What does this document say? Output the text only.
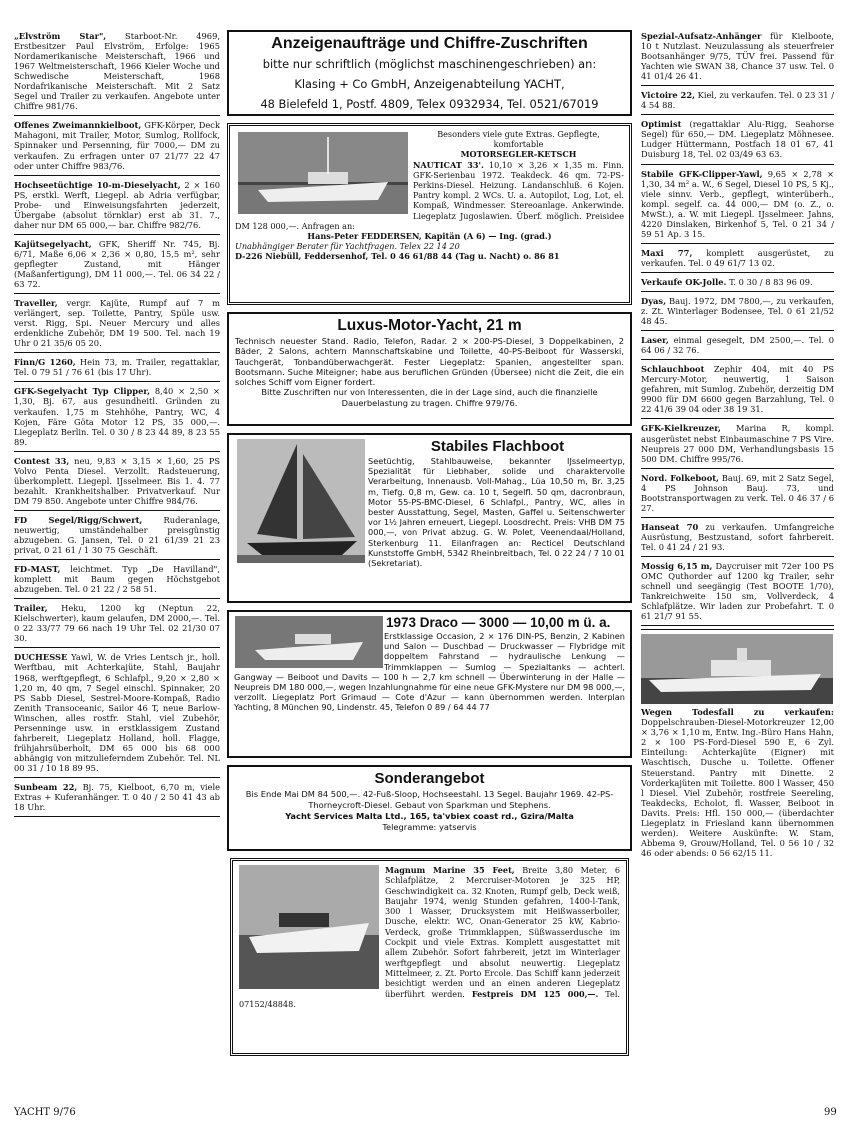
„Elvström Star", Starboot-Nr. 4969, Erstbesitzer Paul Elvström, Erfolge: 1965 Nordamerikanische Meisterschaft, 1966 und 1967 Weltmeisterschaft, 1966 Kieler Woche und Schwedische Meisterschaft, 1968 Nordafrikanische Meisterschaft. Mit 2 Satz Segel und Trailer zu verkaufen. Angebote unter Chiffre 981/76.
Offenes Zweimannkielboot, GFK-Körper, Deck Mahagoni, mit Trailer, Motor, Sumlog, Rollfock, Spinnaker und Persenning, für 7000,— DM zu verkaufen. Zu erfragen unter 07 21/77 22 47 oder unter Chiffre 983/76.
Hochseetüchtige 10-m-Dieselyacht, 2 × 160 PS, erstkl. Werft, Liegepl. ab Adria verfügbar, Probe- und Einweisungsfahrten jederzeit, Übergabe (absolut törnklar) erst ab 31. 7., daher nur DM 65 000,— bar. Chiffre 982/76.
Kajütsegelyacht, GFK, Sheriff Nr. 745, Bj. 6/71, Maße 6,06 × 2,36 × 0,80, 15,5 m², sehr gepflegter Zustand, mit Hänger (Maßanfertigung), DM 11 000,—. Tel. 06 34 22 / 63 72.
Traveller, vergr. Kajüte, Rumpf auf 7 m verlängert, sep. Toilette, Pantry, Spüle usw. verst. Rigg, Spi. Neuer Mercury und alles erdenkliche Zubehör, DM 19 500. Tel. nach 19 Uhr 0 21 35/6 05 20.
Finn/G 1260, Hein 73, m. Trailer, regattaklar, Tel. 0 79 51 / 76 61 (bis 17 Uhr).
GFK-Segelyacht Typ Clipper, 8,40 × 2,50 × 1,30, Bj. 67, aus gesundheitl. Gründen zu verkaufen. 1,75 m Stehhöhe, Pantry, WC, 4 Kojen, Färe Göta Motor 12 PS, 35 000,—. Liegeplatz Berlin. Tel. 0 30 / 8 23 44 89, 8 23 55 89.
Contest 33, neu, 9,83 × 3,15 × 1,60, 25 PS Volvo Penta Diesel. Verzollt. Radsteuerung, überkomplett. Liegepl. IJsselmeer. Bis 1. 4. 77 bezahlt. Krankheitshalber. Privatverkauf. Nur DM 79 850. Angebote unter Chiffre 984/76.
FD Segel/Rigg/Schwert,	Ruderanlage, neuwertig, umständehalber preisgünstig abzugeben. G. Jansen, Tel. 0 21 61/39 21 23 privat, 0 21 61 / 1 30 75 Geschäft.
FD-MAST, leichtmet. Typ „De Havilland", komplett mit Baum gegen Höchstgebot abzugeben. Tel. 0 21 22 / 2 58 51.
Trailer, Heku, 1200 kg (Neptun 22, Kielschwerter), kaum gelaufen, DM 2000,—. Tel. 0 22 33/77 79 66 nach 19 Uhr Tel. 02 21/30 07 30.
DUCHESSE Yawl, W. de Vries Lentsch jr., holl. Werftbau, mit Achterkajüte, Stahl, Baujahr 1968, werftgepflegt, 6 Schlafpl., 9,20 × 2,80 × 1,20 m, 40 qm, 7 Segel einschl. Spinnaker, 20 PS Sabb Diesel, Sestrel-Moore-Kompaß, Radio Zenith Transoceanic, Sailor 46 T, neue Barlow-Winschen, alles rostfr. Stahl, viel Zubehör, Persenninge usw. in erstklassigem Zustand fahrbereit, Liegeplatz Holland, holl. Flagge, frühjahrsüberholt, DM 65 000 bis 68 000 abhängig von mitzulieferndem Zubehör. Tel. NL 00 31 / 10 18 89 95.
Sunbeam 22, Bj. 75, Kielboot, 6,70 m, viele Extras + Kuferanhänger. T. 0 40 / 2 50 41 43 ab 18 Uhr.
Anzeigenaufträge und Chiffre-Zuschriften
bitte nur schriftlich (möglichst maschinengeschrieben) an:
Klasing + Co GmbH, Anzeigenabteilung YACHT,
48 Bielefeld 1, Postf. 4809, Telex 0932934, Tel. 0521/67019
Besonders viele gute Extras. Gepflegte, komfortable
MOTORSEGLER-KETSCH
NAUTICAT 33'. 10,10 × 3,26 × 1,35 m. Finn. GFK-Serienbau 1972. Teakdeck. 46 qm. 72-PS-Perkins-Diesel. Heizung. Landanschluß. 6 Kojen. Pantry kompl. 2 WCs. U. a. Autopilot, Log, Lot, el. Kompaß, Windmesser. Stereoanlage. Ankerwinde. Liegeplatz Jugoslawien. Überf. möglich. Preisidee DM 128 000,—. Anfragen an:
Hans-Peter FEDDERSEN, Kapitän (A 6) — Ing. (grad.)
Unabhängiger Berater für Yachtfragen. Telex 22 14 20
D-226 Niebüll, Feddersenhof, Tel. 0 46 61/88 44 (Tag u. Nacht) o. 86 81
Luxus-Motor-Yacht, 21 m
Technisch neuester Stand. Radio, Telefon, Radar. 2 × 200-PS-Diesel, 3 Doppelkabinen, 2 Bäder, 2 Salons, achtern Mannschaftskabine und Toilette, 40-PS-Beiboot für Wasserski, Tauchgerät, Tonbandüberwachgerät. Fester Liegeplatz: Spanien, angestellter span. Bootsmann. Suche Miteigner; habe aus beruflichen Gründen (Übersee) nicht die Zeit, die ein solches Schiff vom Eigner fordert.
Bitte Zuschriften nur von Interessenten, die in der Lage sind, auch die finanzielle Dauerbelastung zu tragen. Chiffre 979/76.
Stabiles Flachboot
Seetüchtig, Stahlbauweise, bekannter IJsselmeertyp, Spezialität für Liebhaber, solide und charaktervolle Verarbeitung, Innenausb. Voll-Mahag., Lüa 10,50 m, Br. 3,25 m, Tiefg. 0,8 m, Gew. ca. 10 t, Segelfl. 50 qm, dacronbraun, Motor 55-PS-BMC-Diesel, 6 Schlafpl., Pantry, WC, alles in bester Ausstattung, Segel, Masten, Gaffel u. Seitenschwerter vor 1½ Jahren erneuert, Liegepl. Loosdrecht. Preis: VHB DM 75 000,—, von Privat abzug. G. W. Polet, Veenendaal/Holland, Sterkenburg 11. Eilanfragen an: Recticel Deutschland Kunststoffe GmbH, 5342 Rheinbreitbach, Tel. 0 22 24 / 7 10 01 (Sekretariat).
1973 Draco — 3000 — 10,00 m ü. a.
Erstklassige Occasion, 2 × 176 DIN-PS, Benzin, 2 Kabinen und Salon — Duschbad — Druckwasser — Flybridge mit doppeltem Fahrstand — hydraulische Lenkung — Trimmklappen — Sumlog — Spezialtanks — achterl. Gangway — Beiboot und Davits — 100 h — 2,7 km schnell — Überwinterung in der Halle — Neupreis DM 180 000,—, wegen Inzahlungnahme für eine neue GFK-Mystere nur DM 98 000,—, verzollt. Liegeplatz Port Grimaud — Cote d'Azur — kann übernommen werden. Interplan Yachting, 8 München 90, Lindenstr. 45, Telefon 0 89 / 64 44 77
Sonderangebot
Bis Ende Mai DM 84 500,—. 42-Fuß-Sloop, Hochseestahl. 13 Segel. Baujahr 1969. 42-PS-Thorneycroft-Diesel. Gebaut von Sparkman und Stephens.
Yacht Services Malta Ltd., 165, ta'vbiex coast rd., Gzira/Malta
Telegramme: yatservis
Magnum Marine 35 Feet, Breite 3,80 Meter, 6 Schlafplätze, 2 Mercruiser-Motoren je 325 HP, Geschwindigkeit ca. 32 Knoten, Rumpf gelb, Deck weiß, Baujahr 1974, wenig Stunden gefahren, 1400-l-Tank, 300 l Wasser, Drucksystem mit Heißwasserboiler, Dusche, elektr. WC, Onan-Generator 25 kW, Kabrio-Verdeck, große Trimmklappen, Süßwasserdusche im Cockpit und viele Extras. Komplett ausgestattet mit allem Zubehör. Sofort fahrbereit, jetzt im Winterlager werftgepflegt und absolut neuwertig. Liegeplatz Mittelmeer, z. Zt. Porto Ercole. Das Schiff kann jederzeit besichtigt werden und an einen anderen Liegeplatz überführt werden. Festpreis DM 125 000,—. Tel. 07152/48848.
Spezial-Aufsatz-Anhänger für Kielboote, 10 t Nutzlast. Neuzulassung als steuerfreier Bootsanhänger 9/75, TÜV frei. Passend für Yachten wie SWAN 38, Chance 37 usw. Tel. 0 41 01/4 26 41.
Victoire 22, Kiel, zu verkaufen. Tel. 0 23 31 / 4 54 88.
Optimist (regattaklar Alu-Rigg, Seahorse Segel) für 650,— DM. Liegeplatz Möhnesee. Ludger Hüttermann, Postfach 18 01 67, 41 Duisburg 18, Tel. 02 03/49 63 63.
Stabile GFK-Clipper-Yawl, 9,65 × 2,78 × 1,30, 34 m² a. W., 6 Segel, Diesel 10 PS, 5 Kj., viele sinnv. Verb., gepflegt, winterüberh., kompl. segelf. ca. 44 000,— DM (o. Z., o. MwSt.), a. W. mit Liegepl. IJsselmeer. Jahns, 4220 Dinslaken, Birkenhof 5, Tel. 0 21 34 / 59 51 Ap. 3 15.
Maxi 77, komplett ausgerüstet, zu verkaufen. Tel. 0 49 61/7 13 02.
Verkaufe OK-Jolle. T. 0 30 / 8 83 96 09.
Dyas, Bauj. 1972, DM 7800,—, zu verkaufen, z. Zt. Winterlager Bodensee, Tel. 0 61 21/52 48 45.
Laser, einmal gesegelt, DM 2500,—. Tel. 0 64 06 / 32 76.
Schlauchboot Zephir 404, mit 40 PS Mercury-Motor, neuwertig, 1 Saison gefahren, mit Sumlog. Zubehör, derzeitig DM 9900 für DM 6600 gegen Barzahlung, Tel. 0 22 41/6 39 04 oder 38 19 31.
GFK-Kielkreuzer, Marina R, kompl. ausgerüstet nebst Einbaumaschine 7 PS Vire. Neupreis 27 000 DM, Verhandlungsbasis 15 500 DM. Chiffre 995/76.
Nord. Folkeboot, Bauj. 69, mit 2 Satz Segel, 4 PS Johnson Bauj. 73, und Bootstransportwagen zu verk. Tel. 0 46 37 / 6 27.
Hanseat 70 zu verkaufen. Umfangreiche Ausrüstung, Bestzustand, sofort fahrbereit. Tel. 0 41 24 / 21 93.
Mossig 6,15 m, Daycruiser mit 72er 100 PS OMC Quthorder auf 1200 kg Trailer, sehr schnell und seegängig (Test BOOTE 1/70), Tankreichweite 150 sm, Vollverdeck, 4 Schlafplätze. Wir laden zur Probefahrt. T. 0 61 21/7 91 55.
Wegen Todesfall zu verkaufen: Doppelschrauben-Diesel-Motorkreuzer 12,00 × 3,76 × 1,10 m, Entw. Ing.-Büro Hans Hahn, 2 × 100 PS-Ford-Diesel 590 E, 6 Zyl. Einteilung: Achterkajüte (Eigner) mit Waschtisch, Dusche u. Toilette. Offener Steuerstand. Pantry mit Dinette. 2 Vorderkajüten mit Toilette. 800 l Wasser, 450 l Diesel. Viel Zubehör, rostfreie Seereling, Teakdecks, Echolot, fl. Wasser, Beiboot in Davits. Preis: Hfl. 150 000,— (überdachter Liegeplatz in Friesland kann übernommen werden). Weitere Auskünfte: W. Stam, Abbema 9, Grouw/Holland, Tel. 0 56 10 / 32 46 oder abends: 0 56 62/15 11.
YACHT 9/76	99
